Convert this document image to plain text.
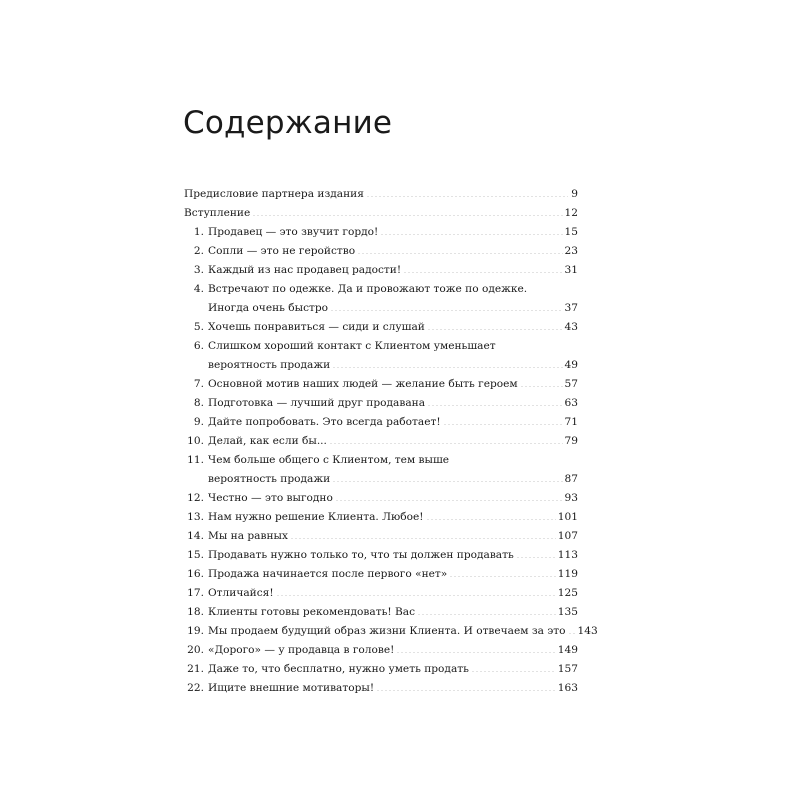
Содержание
Предисловие партнера издания	9
Вступление	12
1. Продавец — это звучит гордо!	15
2. Сопли — это не геройство	23
3. Каждый из нас продавец радости!	31
4. Встречают по одежке. Да и провожают тоже по одежке.
Иногда очень быстро	37
5. Хочешь понравиться — сиди и слушай	43
6. Слишком хороший контакт с Клиентом уменьшает
вероятность продажи	49
7. Основной мотив наших людей — желание быть героем	57
8. Подготовка — лучший друг продавана	63
9. Дайте попробовать. Это всегда работает!	71
10. Делай, как если бы...	79
11. Чем больше общего с Клиентом, тем выше
вероятность продажи	87
12. Честно — это выгодно	93
13. Нам нужно решение Клиента. Любое!	101
14. Мы на равных	107
15. Продавать нужно только то, что ты должен продавать	113
16. Продажа начинается после первого «нет»	119
17. Отличайся!	125
18. Клиенты готовы рекомендовать! Вас	135
19. Мы продаем будущий образ жизни Клиента. И отвечаем за это 143
20. «Дорого» — у продавца в голове!	149
21. Даже то, что бесплатно, нужно уметь продать	157
22. Ищите внешние мотиваторы!	163
